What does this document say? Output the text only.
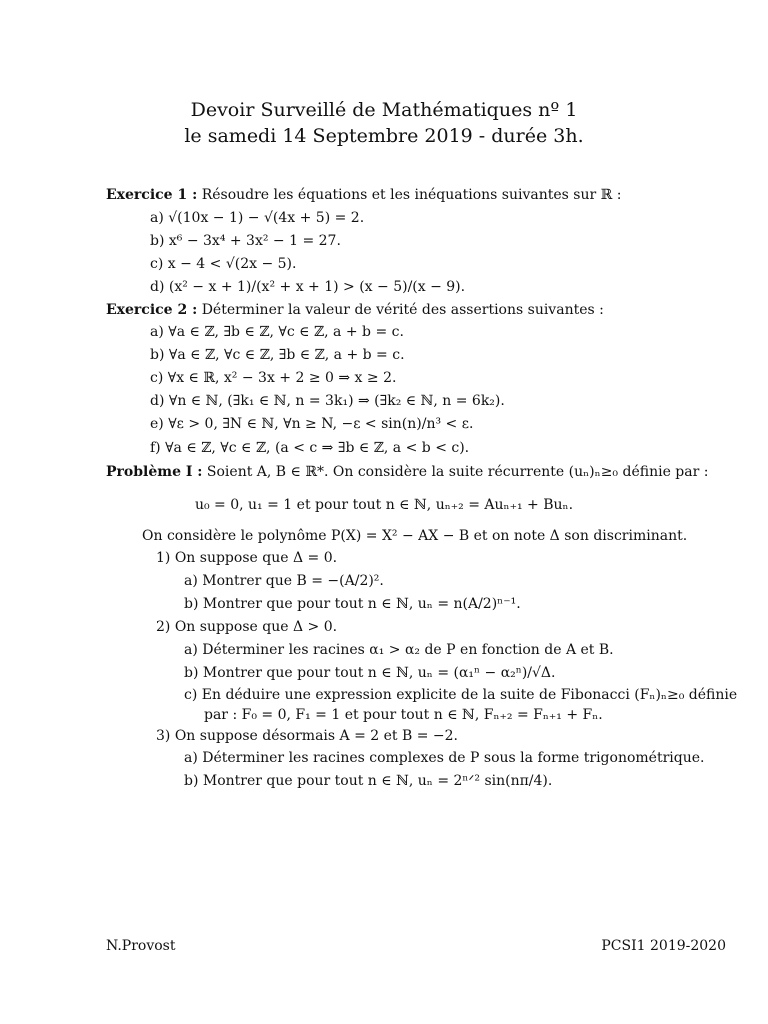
Devoir Surveillé de Mathématiques nº 1
le samedi 14 Septembre 2019 - durée 3h.
Exercice 1 : Résoudre les équations et les inéquations suivantes sur ℝ :
a) √(10x − 1) − √(4x + 5) = 2.
b) x⁶ − 3x⁴ + 3x² − 1 = 27.
c) x − 4 < √(2x − 5).
d) (x² − x + 1)/(x² + x + 1) > (x − 5)/(x − 9).
Exercice 2 : Déterminer la valeur de vérité des assertions suivantes :
a) ∀a ∈ ℤ, ∃b ∈ ℤ, ∀c ∈ ℤ, a + b = c.
b) ∀a ∈ ℤ, ∀c ∈ ℤ, ∃b ∈ ℤ, a + b = c.
c) ∀x ∈ ℝ, x² − 3x + 2 ≥ 0 ⇒ x ≥ 2.
d) ∀n ∈ ℕ, (∃k₁ ∈ ℕ, n = 3k₁) ⇒ (∃k₂ ∈ ℕ, n = 6k₂).
e) ∀ε > 0, ∃N ∈ ℕ, ∀n ≥ N, −ε < sin(n)/n³ < ε.
f) ∀a ∈ ℤ, ∀c ∈ ℤ, (a < c ⇒ ∃b ∈ ℤ, a < b < c).
Problème I : Soient A, B ∈ ℝ*. On considère la suite récurrente (uₙ)ₙ≥₀ définie par :
u₀ = 0, u₁ = 1 et pour tout n ∈ ℕ, uₙ₊₂ = Auₙ₊₁ + Buₙ.
On considère le polynôme P(X) = X² − AX − B et on note Δ son discriminant.
1) On suppose que Δ = 0.
a) Montrer que B = −(A/2)².
b) Montrer que pour tout n ∈ ℕ, uₙ = n(A/2)ⁿ⁻¹.
2) On suppose que Δ > 0.
a) Déterminer les racines α₁ > α₂ de P en fonction de A et B.
b) Montrer que pour tout n ∈ ℕ, uₙ = (α₁ⁿ − α₂ⁿ)/√Δ.
c) En déduire une expression explicite de la suite de Fibonacci (Fₙ)ₙ≥₀ définie
par : F₀ = 0, F₁ = 1 et pour tout n ∈ ℕ, Fₙ₊₂ = Fₙ₊₁ + Fₙ.
3) On suppose désormais A = 2 et B = −2.
a) Déterminer les racines complexes de P sous la forme trigonométrique.
b) Montrer que pour tout n ∈ ℕ, uₙ = 2ⁿᐟ² sin(nπ/4).
N.Provost	PCSI1 2019-2020
